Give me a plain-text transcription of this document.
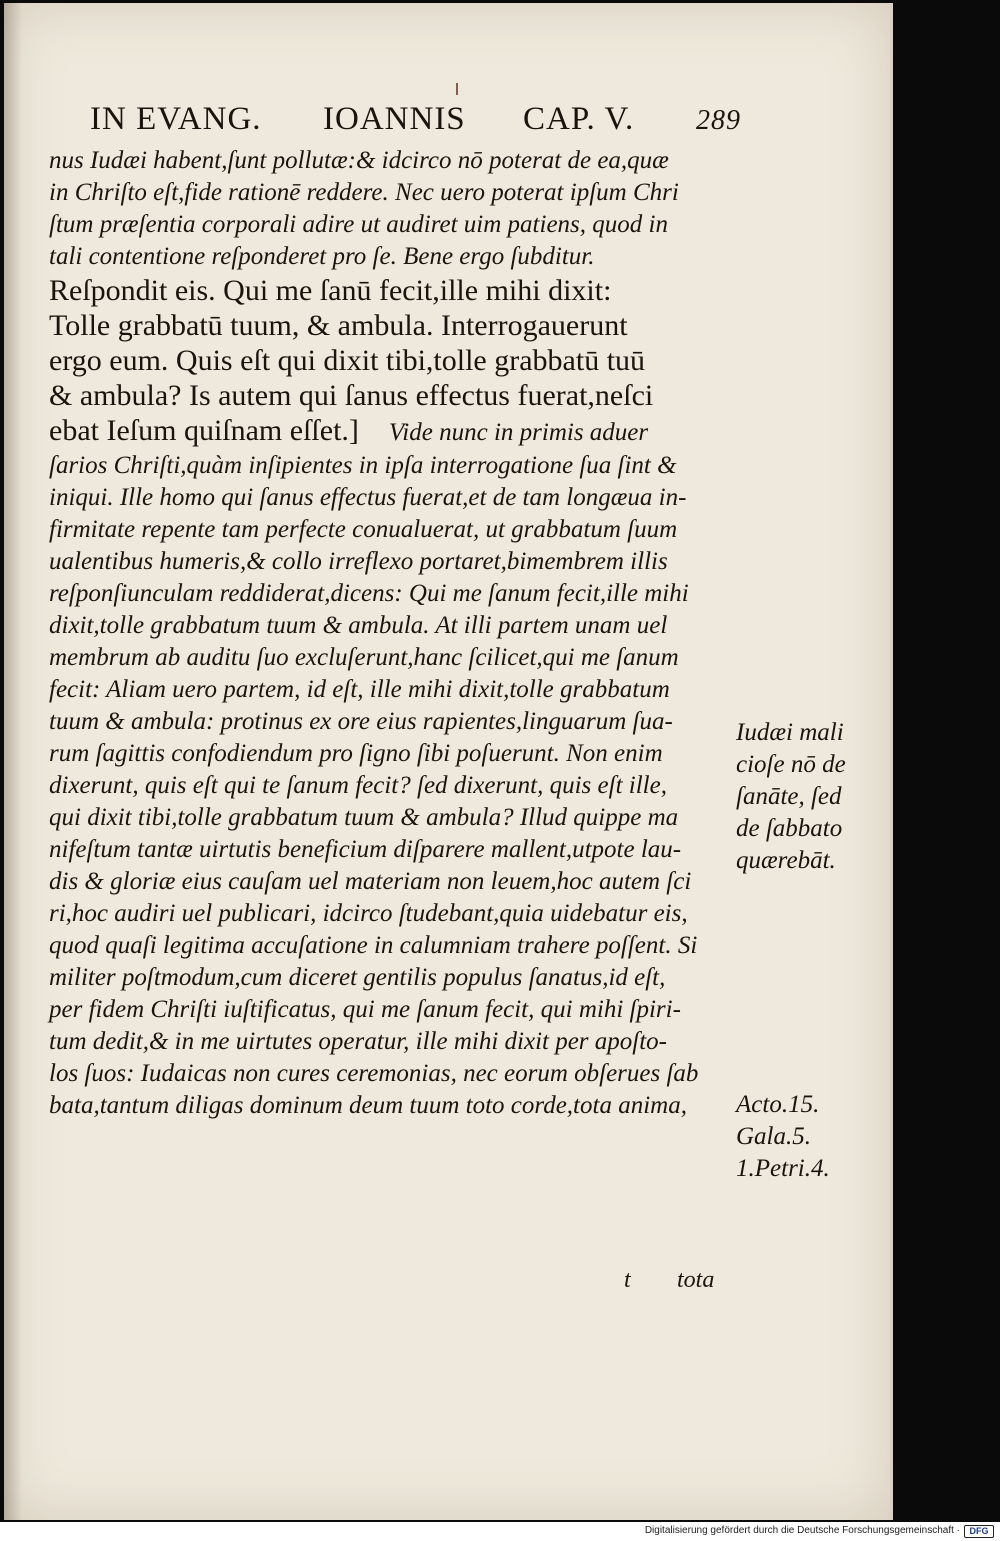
IN EVANG. IOANNIS CAP. V. 289
nus Iudæi habent,ſunt pollutæ:& idcirco nō poterat de ea,quæ
in Chriſto eſt,fide rationē reddere. Nec uero poterat ipſum Chri
ſtum præſentia corporali adire ut audiret uim patiens, quod in
tali contentione reſponderet pro ſe. Bene ergo ſubditur.
Reſpondit eis. Qui me ſanū fecit,ille mihi dixit:
Tolle grabbatū tuum, & ambula. Interrogauerunt
ergo eum. Quis eſt qui dixit tibi,tolle grabbatū tuū
& ambula? Is autem qui ſanus effectus fuerat,neſci
ebat Ieſum quiſnam eſſet.] Vide nunc in primis aduer
ſarios Chriſti,quàm inſipientes in ipſa interrogatione ſua ſint &
iniqui. Ille homo qui ſanus effectus fuerat,et de tam longæua in-
firmitate repente tam perfecte conualuerat, ut grabbatum ſuum
ualentibus humeris,& collo irreflexo portaret,bimembrem illis
reſponſiunculam reddiderat,dicens: Qui me ſanum fecit,ille mihi
dixit,tolle grabbatum tuum & ambula. At illi partem unam uel
membrum ab auditu ſuo excluſerunt,hanc ſcilicet,qui me ſanum
fecit: Aliam uero partem, id eſt, ille mihi dixit,tolle grabbatum
tuum & ambula: protinus ex ore eius rapientes,linguarum ſua-
rum ſagittis confodiendum pro ſigno ſibi poſuerunt. Non enim
dixerunt, quis eſt qui te ſanum fecit? ſed dixerunt, quis eſt ille,
qui dixit tibi,tolle grabbatum tuum & ambula? Illud quippe ma
nifeſtum tantæ uirtutis beneficium diſparere mallent,utpote lau-
dis & gloriæ eius cauſam uel materiam non leuem,hoc autem ſci
ri,hoc audiri uel publicari, idcirco ſtudebant,quia uidebatur eis,
quod quaſi legitima accuſatione in calumniam trahere poſſent. Si
militer poſtmodum,cum diceret gentilis populus ſanatus,id eſt,
per fidem Chriſti iuſtificatus, qui me ſanum fecit, qui mihi ſpiri-
tum dedit,& in me uirtutes operatur, ille mihi dixit per apoſto-
los ſuos: Iudaicas non cures ceremonias, nec eorum obſerues ſab
bata,tantum diligas dominum deum tuum toto corde,tota anima,
Iudæi mali
cioſe nō de
ſanāte, ſed
de ſabbato
quærebāt.
Acto.15.
Gala.5.
1.Petri.4.
t tota
Digitalisierung gefördert durch die Deutsche Forschungsgemeinschaft ·	DFG
